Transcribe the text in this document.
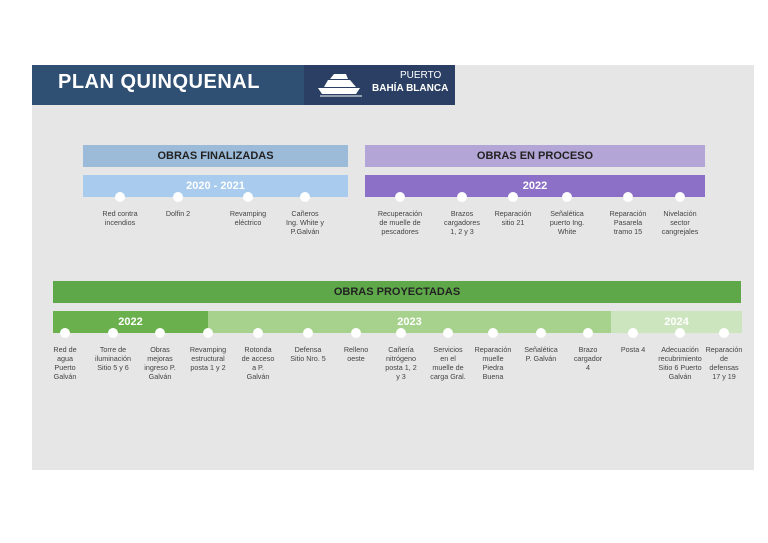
PLAN QUINQUENAL	PUERTO
BAHÍA BLANCA
OBRAS FINALIZADAS
2020 - 2021
OBRAS EN PROCESO
2022
OBRAS PROYECTADAS
2022	2023	2024
Red contra
incendios
Dolfin 2	Revamping
eléctrico
Cañeros
Ing. White y
P.Galván
Recuperación
de muelle de
pescadores
Brazos
cargadores
1, 2 y 3
Reparación
sitio 21
Señalética
puerto Ing.
White
Reparación
Pasarela
tramo 15
Nivelación
sector
cangrejales
Red de
agua
Puerto
Galván
Torre de
iluminación
Sitio 5 y 6
Obras
mejoras
ingreso P.
Galván
Revamping
estructural
posta 1 y 2
Rotonda
de acceso
a P.
Galván
Defensa
Sitio Nro. 5
Relleno
oeste
Cañería
nitrógeno
posta 1, 2
y 3
Servicios
en el
muelle de
carga Gral.
Reparación
muelle
Piedra
Buena
Señalética
P. Galván
Brazo
cargador
4
Posta 4	Adecuación
recubrimiento
Sitio 6 Puerto
Galván
Reparación
de
defensas
17 y 19
